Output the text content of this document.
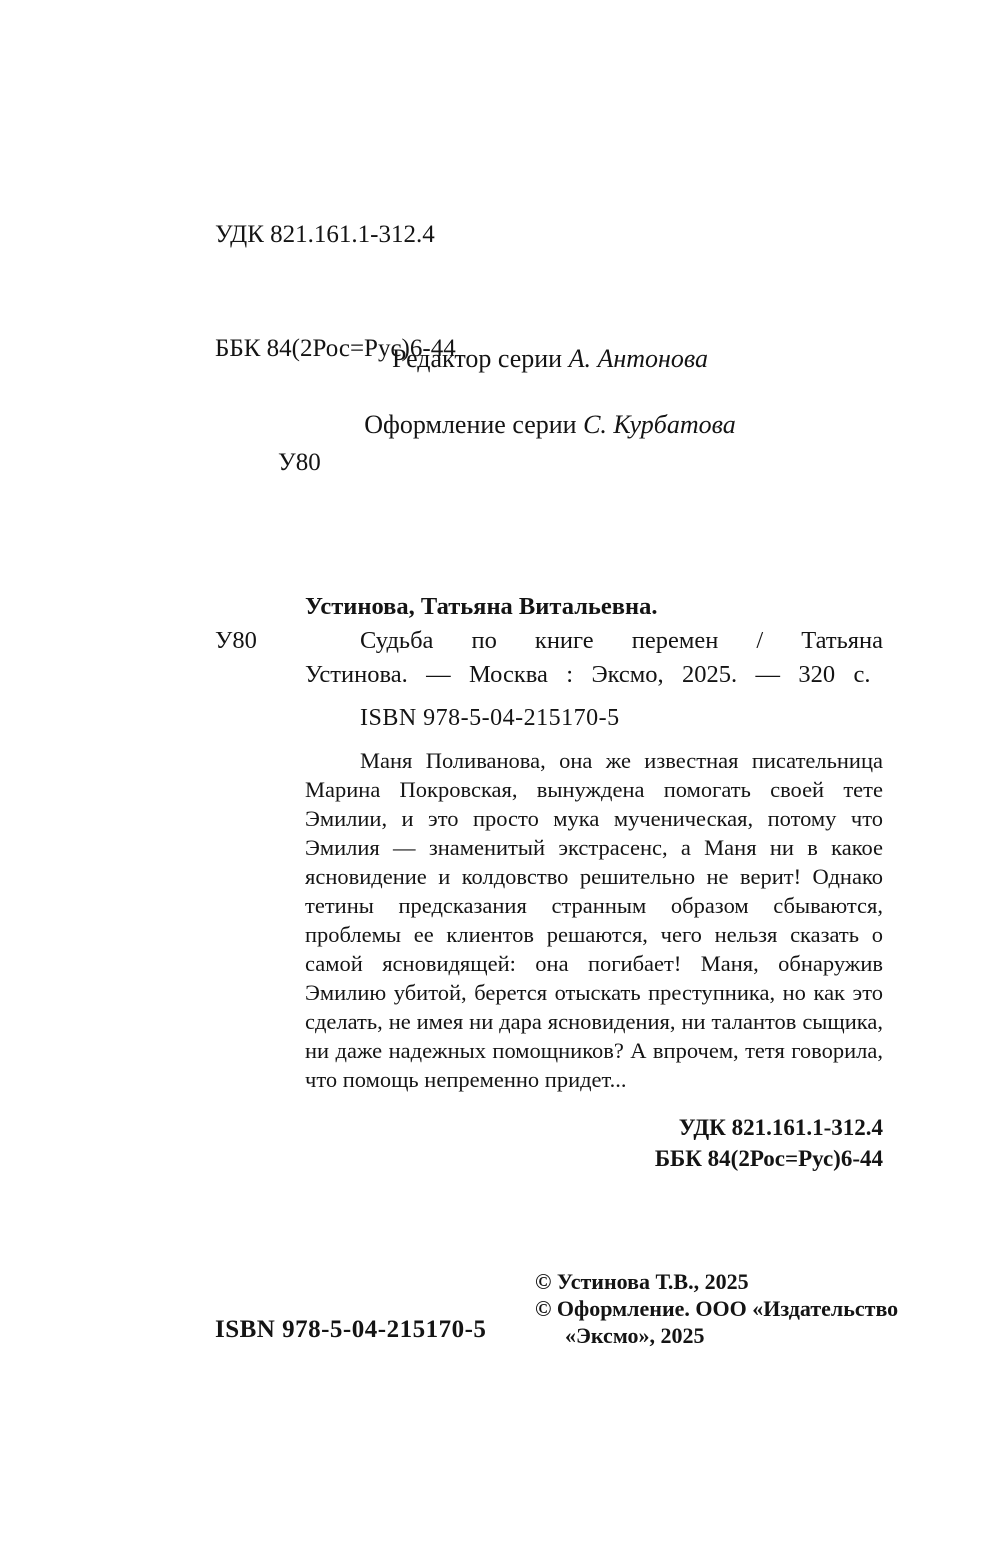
УДК 821.161.1-312.4

ББК 84(2Рос=Рус)6-44

У80

Редактор серии А. Антонова
Оформление серии С. Курбатова
У80

Устинова, Татьяна Витальевна.

Судьба по книге перемен / Татьяна Устинова. — Москва : Эксмо, 2025. — 320 с.

ISBN 978-5-04-215170-5

Маня Поливанова, она же известная писательница Марина Покровская, вынуждена помогать своей тете Эмилии, и это просто мука мученическая, потому что Эмилия — знаменитый экстрасенс, а Маня ни в какое ясновидение и колдовство решительно не верит! Однако тетины предсказания странным образом сбываются, проблемы ее клиентов решаются, чего нельзя сказать о самой ясновидящей: она погибает! Маня, обнаружив Эмилию убитой, берется отыскать преступника, но как это сделать, не имея ни дара ясновидения, ни талантов сыщика, ни даже надежных помощников? А впрочем, тетя говорила, что помощь непременно придет...

УДК 821.161.1-312.4
ББК 84(2Рос=Рус)6-44
ISBN 978-5-04-215170-5
© Устинова Т.В., 2025
© Оформление. ООО «Издательство
«Эксмо», 2025
